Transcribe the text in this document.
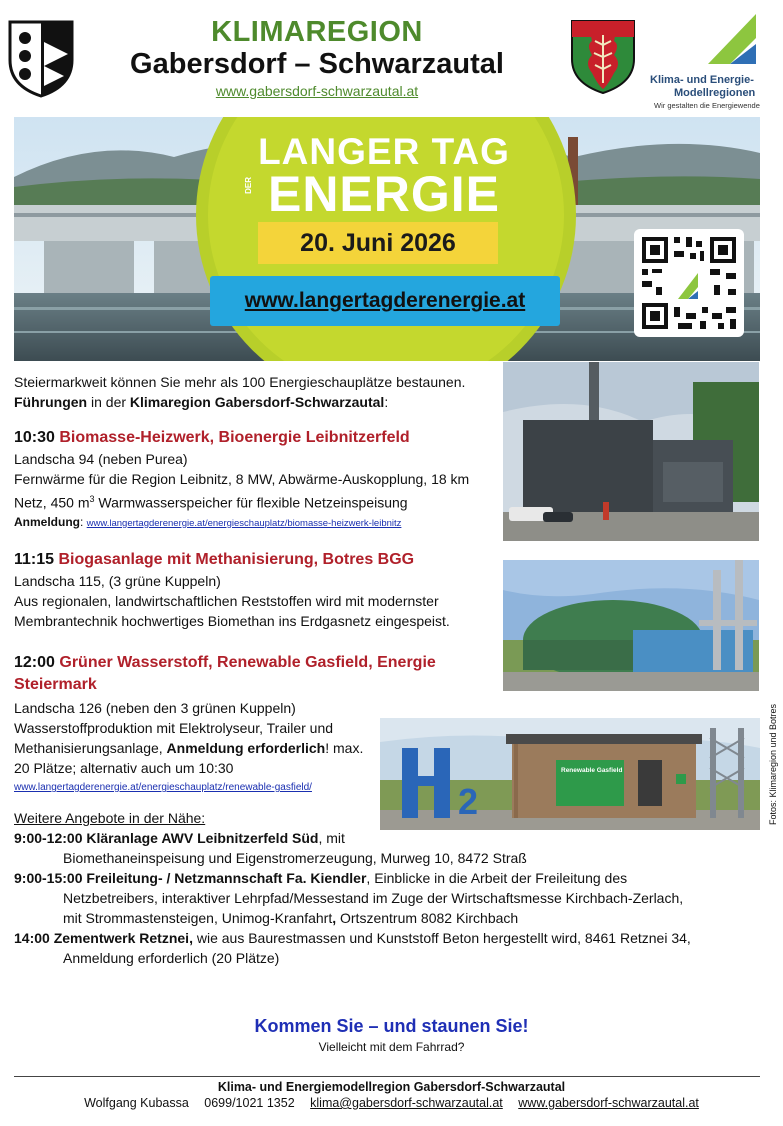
KLIMAREGION
Gabersdorf – Schwarzautal
www.gabersdorf-schwarzautal.at
Klima- und Energie-
Modellregionen
Wir gestalten die Energiewende
LANGER TAG
DER ENERGIE
20. Juni 2026
www.langertagderenergie.at
Steiermarkweit können Sie mehr als 100 Energieschauplätze bestaunen. Führungen in der Klimaregion Gabersdorf-Schwarzautal:
10:30 Biomasse-Heizwerk, Bioenergie Leibnitzerfeld
Landscha 94 (neben Purea)
Fernwärme für die Region Leibnitz, 8 MW, Abwärme-Auskopplung, 18 km Netz, 450 $m^3$ Warmwasserspeicher für flexible Netzeinspeisung
Anmeldung: www.langertagderenergie.at/energieschauplatz/biomasse-heizwerk-leibnitz
11:15 Biogasanlage mit Methanisierung, Botres BGG
Landscha 115, (3 grüne Kuppeln)
Aus regionalen, landwirtschaftlichen Reststoffen wird mit modernster Membrantechnik hochwertiges Biomethan ins Erdgasnetz eingespeist.
12:00 Grüner Wasserstoff, Renewable Gasfield, Energie Steiermark
Landscha 126 (neben den 3 grünen Kuppeln)
Wasserstoffproduktion mit Elektrolyseur, Trailer und Methanisierungsanlage, Anmeldung erforderlich! max. 20 Plätze; alternativ auch um 10:30
www.langertagderenergie.at/energieschauplatz/renewable-gasfield/	2
Renewable Gasfield	Fotos: Klimaregion und Botres
Weitere Angebote in der Nähe:
9:00-12:00 Kläranlage AWV Leibnitzerfeld Süd, mit
Biomethaneinspeisung und Eigenstromerzeugung, Murweg 10, 8472 Straß
9:00-15:00 Freileitung- / Netzmannschaft Fa. Kiendler, Einblicke in die Arbeit der Freileitung des
Netzbetreibers, interaktiver Lehrpfad/Messestand im Zuge der Wirtschaftsmesse Kirchbach-Zerlach,
mit Strommastensteigen, Unimog-Kranfahrt, Ortszentrum 8082 Kirchbach
14:00 Zementwerk Retznei, wie aus Baurestmassen und Kunststoff Beton hergestellt wird, 8461 Retznei 34,
Anmeldung erforderlich (20 Plätze)
Kommen Sie – und staunen Sie!
Vielleicht mit dem Fahrrad?
Klima- und Energiemodellregion Gabersdorf-Schwarzautal
Wolfgang Kubassa 0699/1021 1352 klima@gabersdorf-schwarzautal.at www.gabersdorf-schwarzautal.at
